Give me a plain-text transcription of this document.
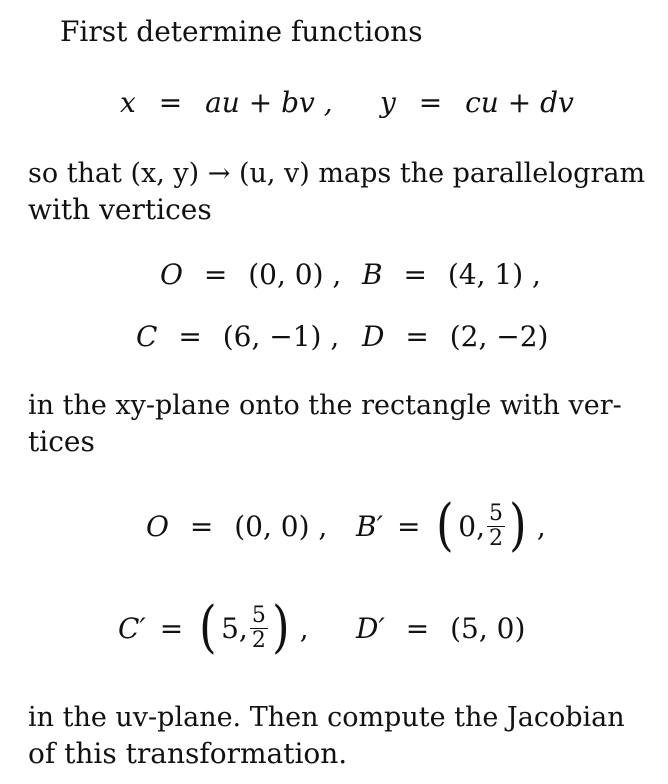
First determine functions
x = au + bv , y = cu + dv
so that (x, y) → (u, v) maps the parallelogram
with vertices
O = (0, 0) , B = (4, 1) ,
C = (6, −1) , D = (2, −2)
in the xy-plane onto the rectangle with ver-
tices
O = (0, 0) , B′ = ( 0, $\frac{5}{2}$ ) ,
C′ = ( 5, $\frac{5}{2}$ ) , D′ = (5, 0)
in the uv-plane. Then compute the Jacobian
of this transformation.
